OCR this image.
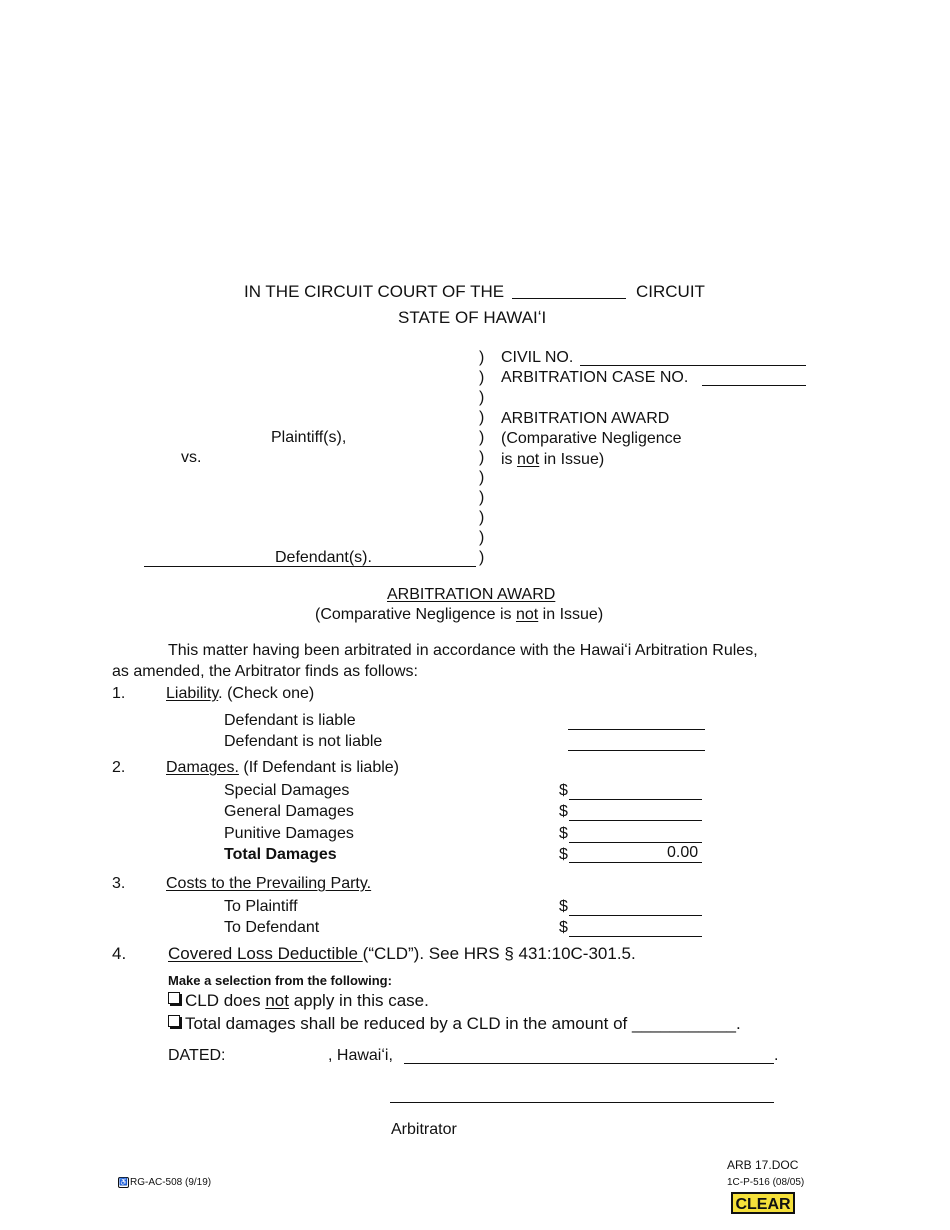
IN THE CIRCUIT COURT OF THE	CIRCUIT
STATE OF HAWAIʻI
)
)
)
)
)
)
)
)
)
)
)
Plaintiff(s),
vs.
Defendant(s).
CIVIL NO.
ARBITRATION CASE NO.
ARBITRATION AWARD
(Comparative Negligence
is not in Issue)
ARBITRATION AWARD
(Comparative Negligence is not in Issue)
This matter having been arbitrated in accordance with the Hawaiʻi Arbitration Rules,
as amended, the Arbitrator finds as follows:
1.	Liability. (Check one)
Defendant is liable
Defendant is not liable
2.	Damages. (If Defendant is liable)
Special Damages	$
General Damages	$
Punitive Damages	$
Total Damages	$	0.00
3.	Costs to the Prevailing Party.
To Plaintiff	$
To Defendant	$
4. Covered Loss Deductible (“CLD”). See HRS § 431:10C-301.5.
Make a selection from the following:
CLD does not apply in this case.
Total damages shall be reduced by a CLD in the amount of ___________.
DATED:	, Hawaiʻi,	.
Arbitrator
ARB 17.DOC
♿ RG-AC-508 (9/19)	1C-P-516 (08/05)
CLEAR
